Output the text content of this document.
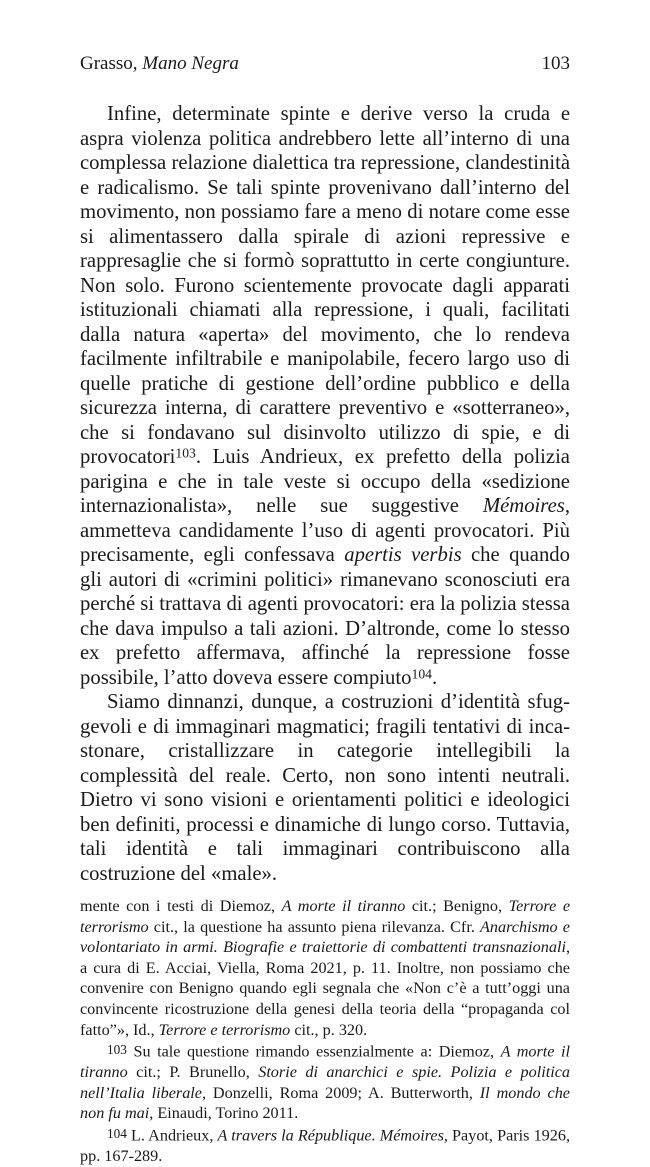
Grasso, Mano Negra	103

Infine, determinate spinte e derive verso la cruda e aspra violenza politica andrebbero lette all’interno di una complessa relazione dialettica tra repressione, clandestinità e radicalismo. Se tali spinte provenivano dall’interno del movimento, non possiamo fare a meno di notare come esse si alimentassero dalla spirale di azioni repressive e rappresaglie che si formò soprattutto in certe congiunture. Non solo. Furono scientemente provocate dagli apparati istituzionali chiamati alla repressione, i quali, facilitati dalla natura «aperta» del movimento, che lo rendeva facilmente infiltrabile e manipolabile, fecero largo uso di quelle pratiche di gestione dell’ordine pubblico e della sicurezza interna, di carattere preventivo e «sotterraneo», che si fondavano sul disinvolto utilizzo di spie, e di provocatori$^{103}$. Luis Andrieux, ex prefetto della polizia parigina e che in tale veste si occupo della «sedizione internazionalista», nelle sue suggestive Mémoires, ammetteva candidamente l’uso di agenti provocatori. Più precisamente, egli confessava apertis verbis che quando gli autori di «crimini politici» rimanevano sconosciuti era perché si trattava di agenti provocatori: era la polizia stessa che dava impulso a tali azioni. D’altronde, come lo stesso ex prefetto affermava, affinché la repressione fosse possibile, l’atto doveva essere compiuto$^{104}$.

Siamo dinnanzi, dunque, a costruzioni d’identità sfuggevoli e di immaginari magmatici; fragili tentativi di incastonare, cristallizzare in categorie intellegibili la complessità del reale. Certo, non sono intenti neutrali. Dietro vi sono visioni e orientamenti politici e ideologici ben definiti, processi e dinamiche di lungo corso. Tuttavia, tali identità e tali immaginari contribuiscono alla costruzione del «male».

mente con i testi di Diemoz, A morte il tiranno cit.; Benigno, Terrore e terrorismo cit., la questione ha assunto piena rilevanza. Cfr. Anarchismo e volontariato in armi. Biografie e traiettorie di combattenti transnazionali, a cura di E. Acciai, Viella, Roma 2021, p. 11. Inoltre, non possiamo che convenire con Benigno quando egli segnala che «Non c’è a tutt’oggi una convincente ricostruzione della genesi della teoria della “propaganda col fatto”», Id., Terrore e terrorismo cit., p. 320.

103 Su tale questione rimando essenzialmente a: Diemoz, A morte il tiranno cit.; P. Brunello, Storie di anarchici e spie. Polizia e politica nell’Italia liberale, Donzelli, Roma 2009; A. Butterworth, Il mondo che non fu mai, Einaudi, Torino 2011.

104 L. Andrieux, A travers la République. Mémoires, Payot, Paris 1926, pp. 167-289.
